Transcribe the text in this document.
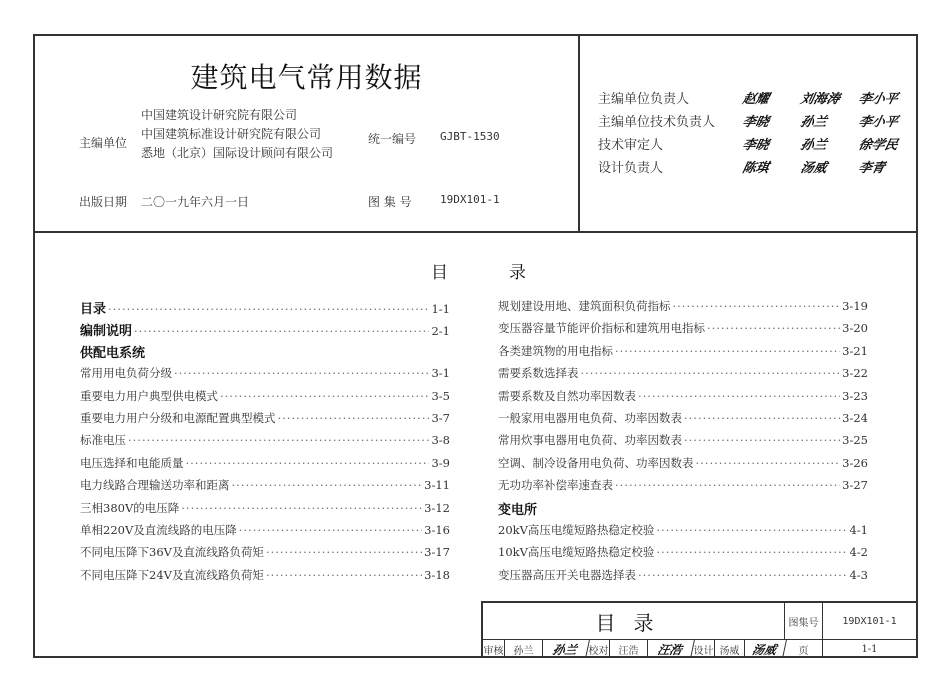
建筑电气常用数据
主编单位
中国建筑设计研究院有限公司
中国建筑标准设计研究院有限公司
悉地（北京）国际设计顾问有限公司
统一编号 GJBT-1530
出版日期 二〇一九年六月一日	图 集 号	19DX101-1
主编单位负责人	赵耀	刘海涛	李小平
主编单位技术负责人	李晓	孙兰	李小平
技术审定人	李晓	孙兰	徐学民
设计负责人	陈琪	汤威	李青
目	录
目录 ·····	1-1
编制说明 ·····	2-1
供配电系统
常用用电负荷分级 ·····	3-1
重要电力用户典型供电模式 ·····	3-5
重要电力用户分级和电源配置典型模式 ·····	3-7
标准电压 ·····	3-8
电压选择和电能质量 ·····	3-9
电力线路合理输送功率和距离 ·····	3-11
三相380V的电压降 ·····	3-12
单相220V及直流线路的电压降 ·····	3-16
不同电压降下36V及直流线路负荷矩 ·····	3-17
不同电压降下24V及直流线路负荷矩 ·····	3-18
规划建设用地、建筑面积负荷指标 ·····	3-19
变压器容量节能评价指标和建筑用电指标 ·····	3-20
各类建筑物的用电指标 ·····	3-21
需要系数选择表 ·····	3-22
需要系数及自然功率因数表 ·····	3-23
一般家用电器用电负荷、功率因数表 ·····	3-24
常用炊事电器用电负荷、功率因数表 ·····	3-25
空调、制冷设备用电负荷、功率因数表 ·····	3-26
无功功率补偿率速查表 ·····	3-27
变电所
20kV高压电缆短路热稳定校验 ·····	4-1
10kV高压电缆短路热稳定校验 ·····	4-2
变压器高压开关电器选择表 ·····	4-3
目录	图集号	19DX101-1
审核	孙兰	孙兰	校对	汪浩	汪浩	设计 汤威 汤威	页	1-1
